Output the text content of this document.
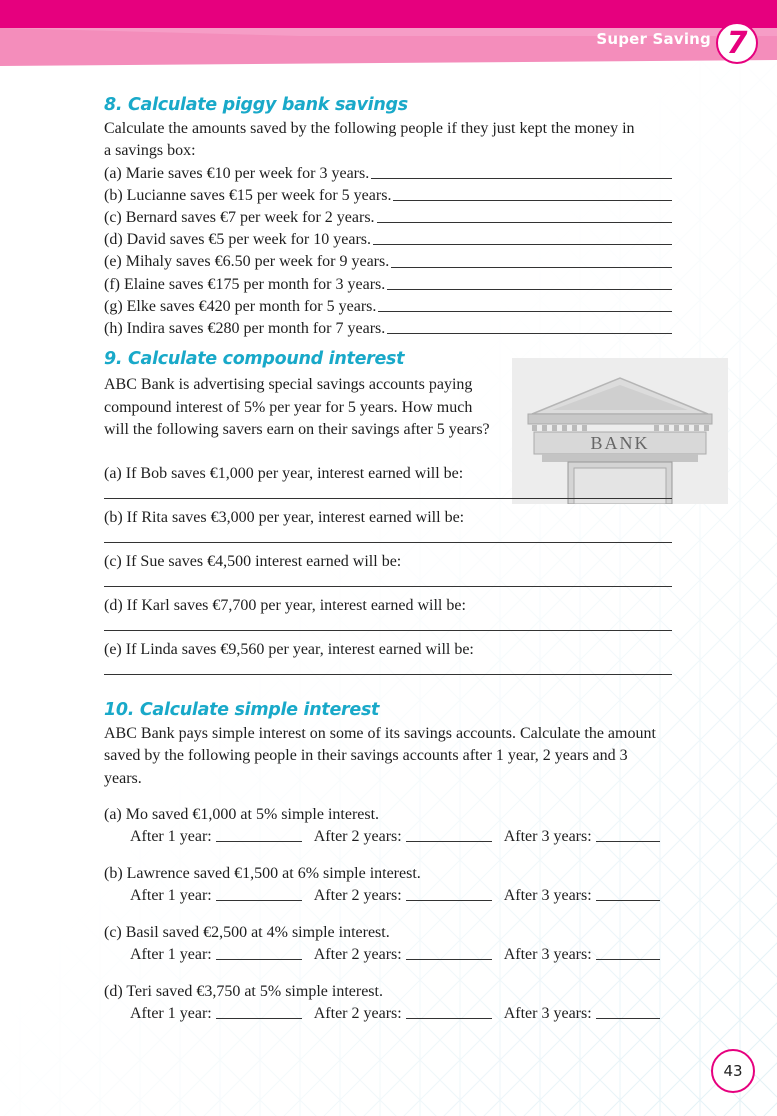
Super Saving 7
BANK
8. Calculate piggy bank savings

Calculate the amounts saved by the following people if they just kept the money in a savings box:

(a) Marie saves €10 per week for 3 years.
(b) Lucianne saves €15 per week for 5 years.
(c) Bernard saves €7 per week for 2 years.
(d) David saves €5 per week for 10 years.
(e) Mihaly saves €6.50 per week for 9 years.
(f) Elaine saves €175 per month for 3 years.
(g) Elke saves €420 per month for 5 years.
(h) Indira saves €280 per month for 7 years.
9. Calculate compound interest

ABC Bank is advertising special savings accounts paying compound interest of 5% per year for 5 years. How much will the following savers earn on their savings after 5 years?

(a) If Bob saves €1,000 per year, interest earned will be:
(b) If Rita saves €3,000 per year, interest earned will be:
(c) If Sue saves €4,500 interest earned will be:
(d) If Karl saves €7,700 per year, interest earned will be:
(e) If Linda saves €9,560 per year, interest earned will be:
10. Calculate simple interest

ABC Bank pays simple interest on some of its savings accounts. Calculate the amount saved by the following people in their savings accounts after 1 year, 2 years and 3 years.

(a) Mo saved €1,000 at 5% simple interest.
After 1 year:	After 2 years:	After 3 years:
(b) Lawrence saved €1,500 at 6% simple interest.
After 1 year:	After 2 years:	After 3 years:
(c) Basil saved €2,500 at 4% simple interest.
After 1 year:	After 2 years:	After 3 years:
(d) Teri saved €3,750 at 5% simple interest.
After 1 year:	After 2 years:	After 3 years:
43
